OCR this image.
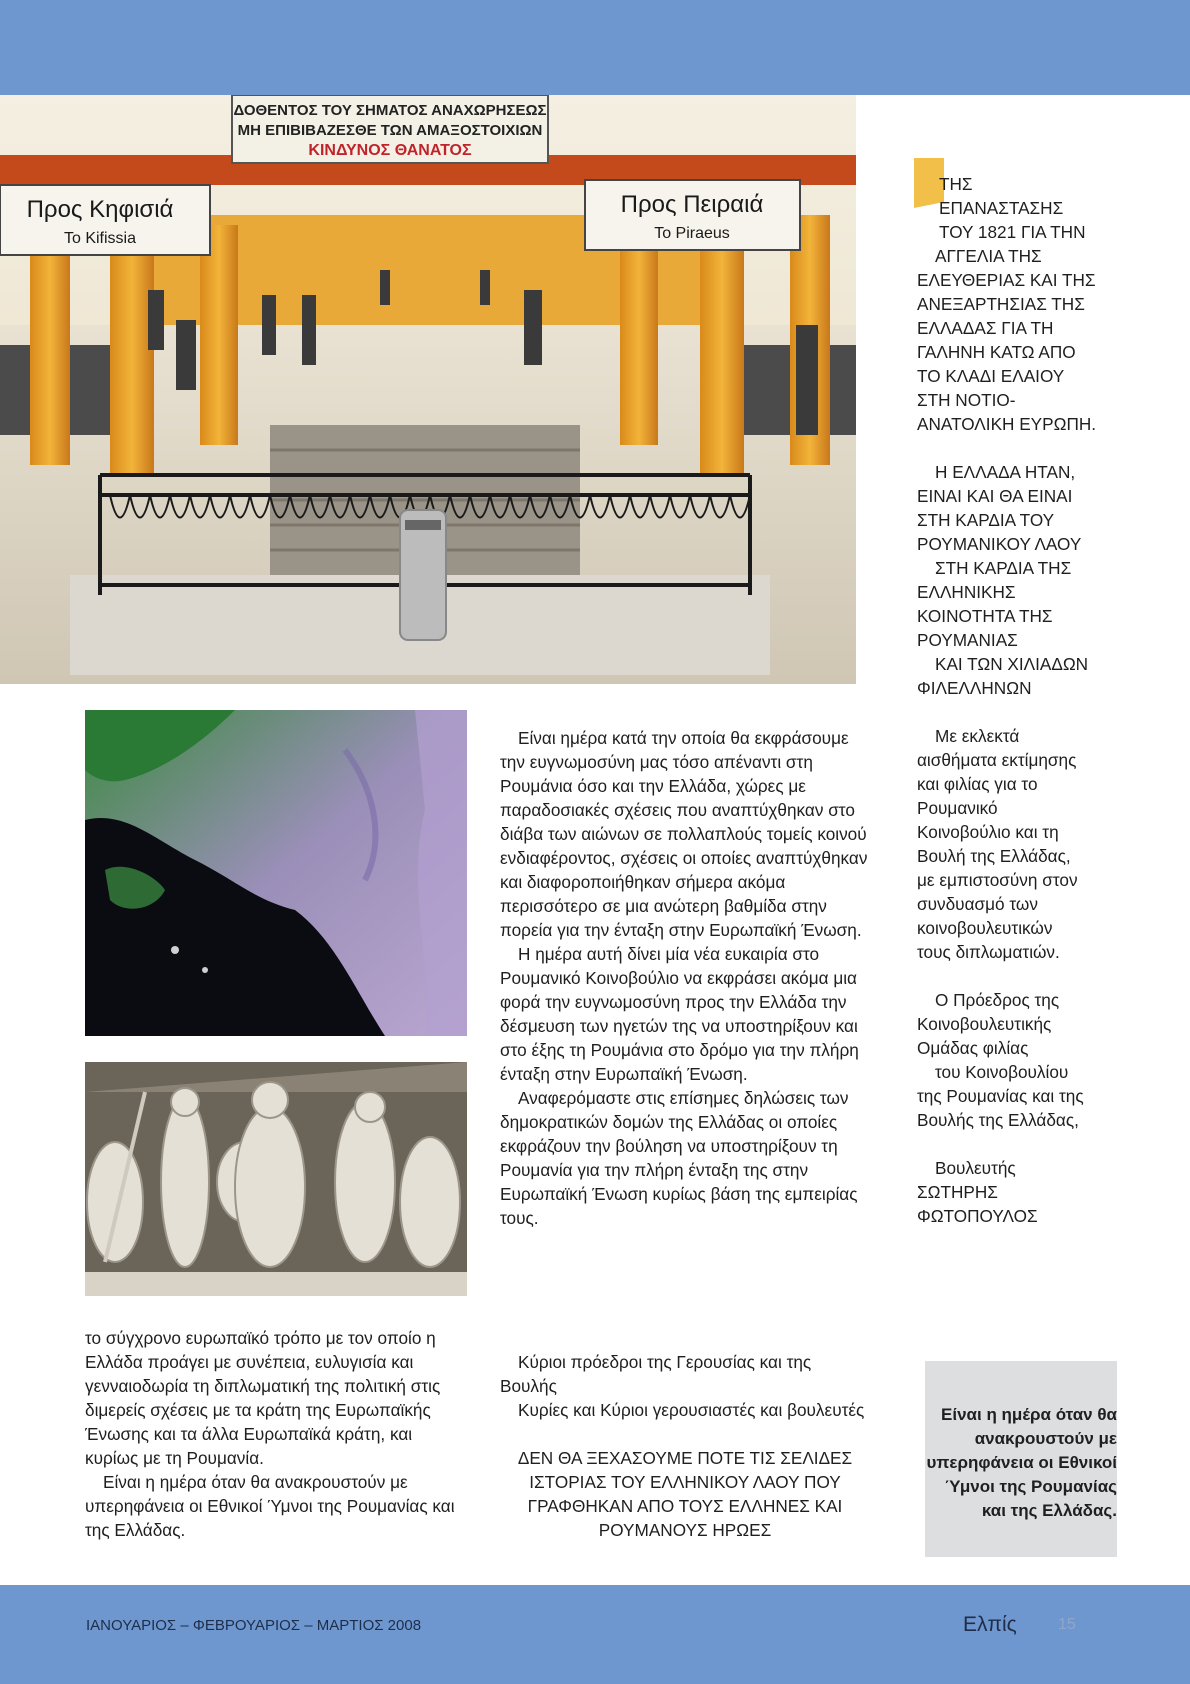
ΔΟΘΕΝΤΟΣ ΤΟΥ ΣΗΜΑΤΟΣ ΑΝΑΧΩΡΗΣΕΩΣ
ΜΗ ΕΠΙΒΙΒΑΖΕΣΘΕ ΤΩΝ ΑΜΑΞΟΣΤΟΙΧΙΩΝ
ΚΙΝΔΥΝΟΣ ΘΑΝΑΤΟΣ
Προς Κηφισιά
To Kifissia
Προς Πειραιά
To Piraeus

ΤΗΣ

ΕΠΑΝΑΣΤΑΣΗΣ

ΤΟΥ 1821 ΓΙΑ ΤΗΝ

ΑΓΓΕΛΙΑ ΤΗΣ

ΕΛΕΥΘΕΡΙΑΣ ΚΑΙ ΤΗΣ

ΑΝΕΞΑΡΤΗΣΙΑΣ ΤΗΣ

ΕΛΛΑΔΑΣ ΓΙΑ ΤΗ

ΓΑΛΗΝΗ ΚΑΤΩ ΑΠΟ

ΤΟ ΚΛΑΔΙ ΕΛΑΙΟΥ

ΣΤΗ ΝΟΤΙΟ-

ΑΝΑΤΟΛΙΚΗ ΕΥΡΩΠΗ.

Η ΕΛΛΑΔΑ ΗΤΑΝ,

ΕΙΝΑΙ ΚΑΙ ΘΑ ΕΙΝΑΙ

ΣΤΗ ΚΑΡΔΙΑ ΤΟΥ

ΡΟΥΜΑΝΙΚΟΥ ΛΑΟΥ

ΣΤΗ ΚΑΡΔΙΑ ΤΗΣ

ΕΛΛΗΝΙΚΗΣ

ΚΟΙΝΟΤΗΤΑ ΤΗΣ

ΡΟΥΜΑΝΙΑΣ

ΚΑΙ ΤΩΝ ΧΙΛΙΑΔΩΝ

ΦΙΛΕΛΛΗΝΩΝ

Με εκλεκτά

αισθήματα εκτίμησης

και φιλίας για το

Ρουμανικό

Κοινοβούλιο και τη

Βουλή της Ελλάδας,

με εμπιστοσύνη στον

συνδυασμό των

κοινοβουλευτικών

τους διπλωματιών.

Ο Πρόεδρος της

Κοινοβουλευτικής

Ομάδας φιλίας

του Κοινοβουλίου

της Ρουμανίας και της

Βουλής της Ελλάδας,

Βουλευτής

ΣΩΤΗΡΗΣ

ΦΩΤΟΠΟΥΛΟΣ

Είναι ημέρα κατά την οποία θα εκφράσουμε την ευγνωμοσύνη μας τόσο απέναντι στη Ρουμάνια όσο και την Ελλάδα, χώρες με παραδοσιακές σχέσεις που αναπτύχθηκαν στο διάβα των αιώνων σε πολλαπλούς τομείς κοινού ενδιαφέροντος, σχέσεις οι οποίες αναπτύχθηκαν και διαφοροποιήθηκαν σήμερα ακόμα περισσότερο σε μια ανώτερη βαθμίδα στην πορεία για την ένταξη στην Ευρωπαϊκή Ένωση.

Η ημέρα αυτή δίνει μία νέα ευκαιρία στο Ρουμανικό Κοινοβούλιο να εκφράσει ακόμα μια φορά την ευγνωμοσύνη προς την Ελλάδα την δέσμευση των ηγετών της να υποστηρίξουν και στο έξης τη Ρουμάνια στο δρόμο για την πλήρη ένταξη στην Ευρωπαϊκή Ένωση.

Αναφερόμαστε στις επίσημες δηλώσεις των δημοκρατικών δομών της Ελλάδας οι οποίες εκφράζουν την βούληση να υποστηρίξουν τη Ρουμανία για την πλήρη ένταξη της στην Ευρωπαϊκή Ένωση κυρίως βάση της εμπειρίας τους.

το σύγχρονο ευρωπαϊκό τρόπο με τον οποίο η Ελλάδα προάγει με συνέπεια, ευλυγισία και γενναιοδωρία τη διπλωματική της πολιτική στις διμερείς σχέσεις με τα κράτη της Ευρωπαϊκής Ένωσης και τα άλλα Ευρωπαϊκά κράτη, και κυρίως με τη Ρουμανία.

Είναι η ημέρα όταν θα ανακρουστούν με υπερηφάνεια οι Εθνικοί Ύμνοι της Ρουμανίας και της Ελλάδας.

Κύριοι πρόεδροι της Γερουσίας και της Βουλής

Κυρίες και Κύριοι γερουσιαστές και βουλευτές

ΔΕΝ ΘΑ ΞΕΧΑΣΟΥΜΕ ΠΟΤΕ ΤΙΣ ΣΕΛΙΔΕΣ ΙΣΤΟΡΙΑΣ ΤΟΥ ΕΛΛΗΝΙΚΟΥ ΛΑΟΥ ΠΟΥ ΓΡΑΦΘΗΚΑΝ ΑΠΟ ΤΟΥΣ ΕΛΛΗΝΕΣ ΚΑΙ ΡΟΥΜΑΝΟΥΣ ΗΡΩΕΣ

Είναι η ημέρα όταν θα ανακρουστούν με υπερηφάνεια οι Εθνικοί Ύμνοι της Ρουμανίας και της Ελλάδας.

ΙΑΝΟΥΑΡΙΟΣ – ΦΕΒΡΟΥΑΡΙΟΣ – ΜΑΡΤΙΟΣ 2008	Ελπίς	15
